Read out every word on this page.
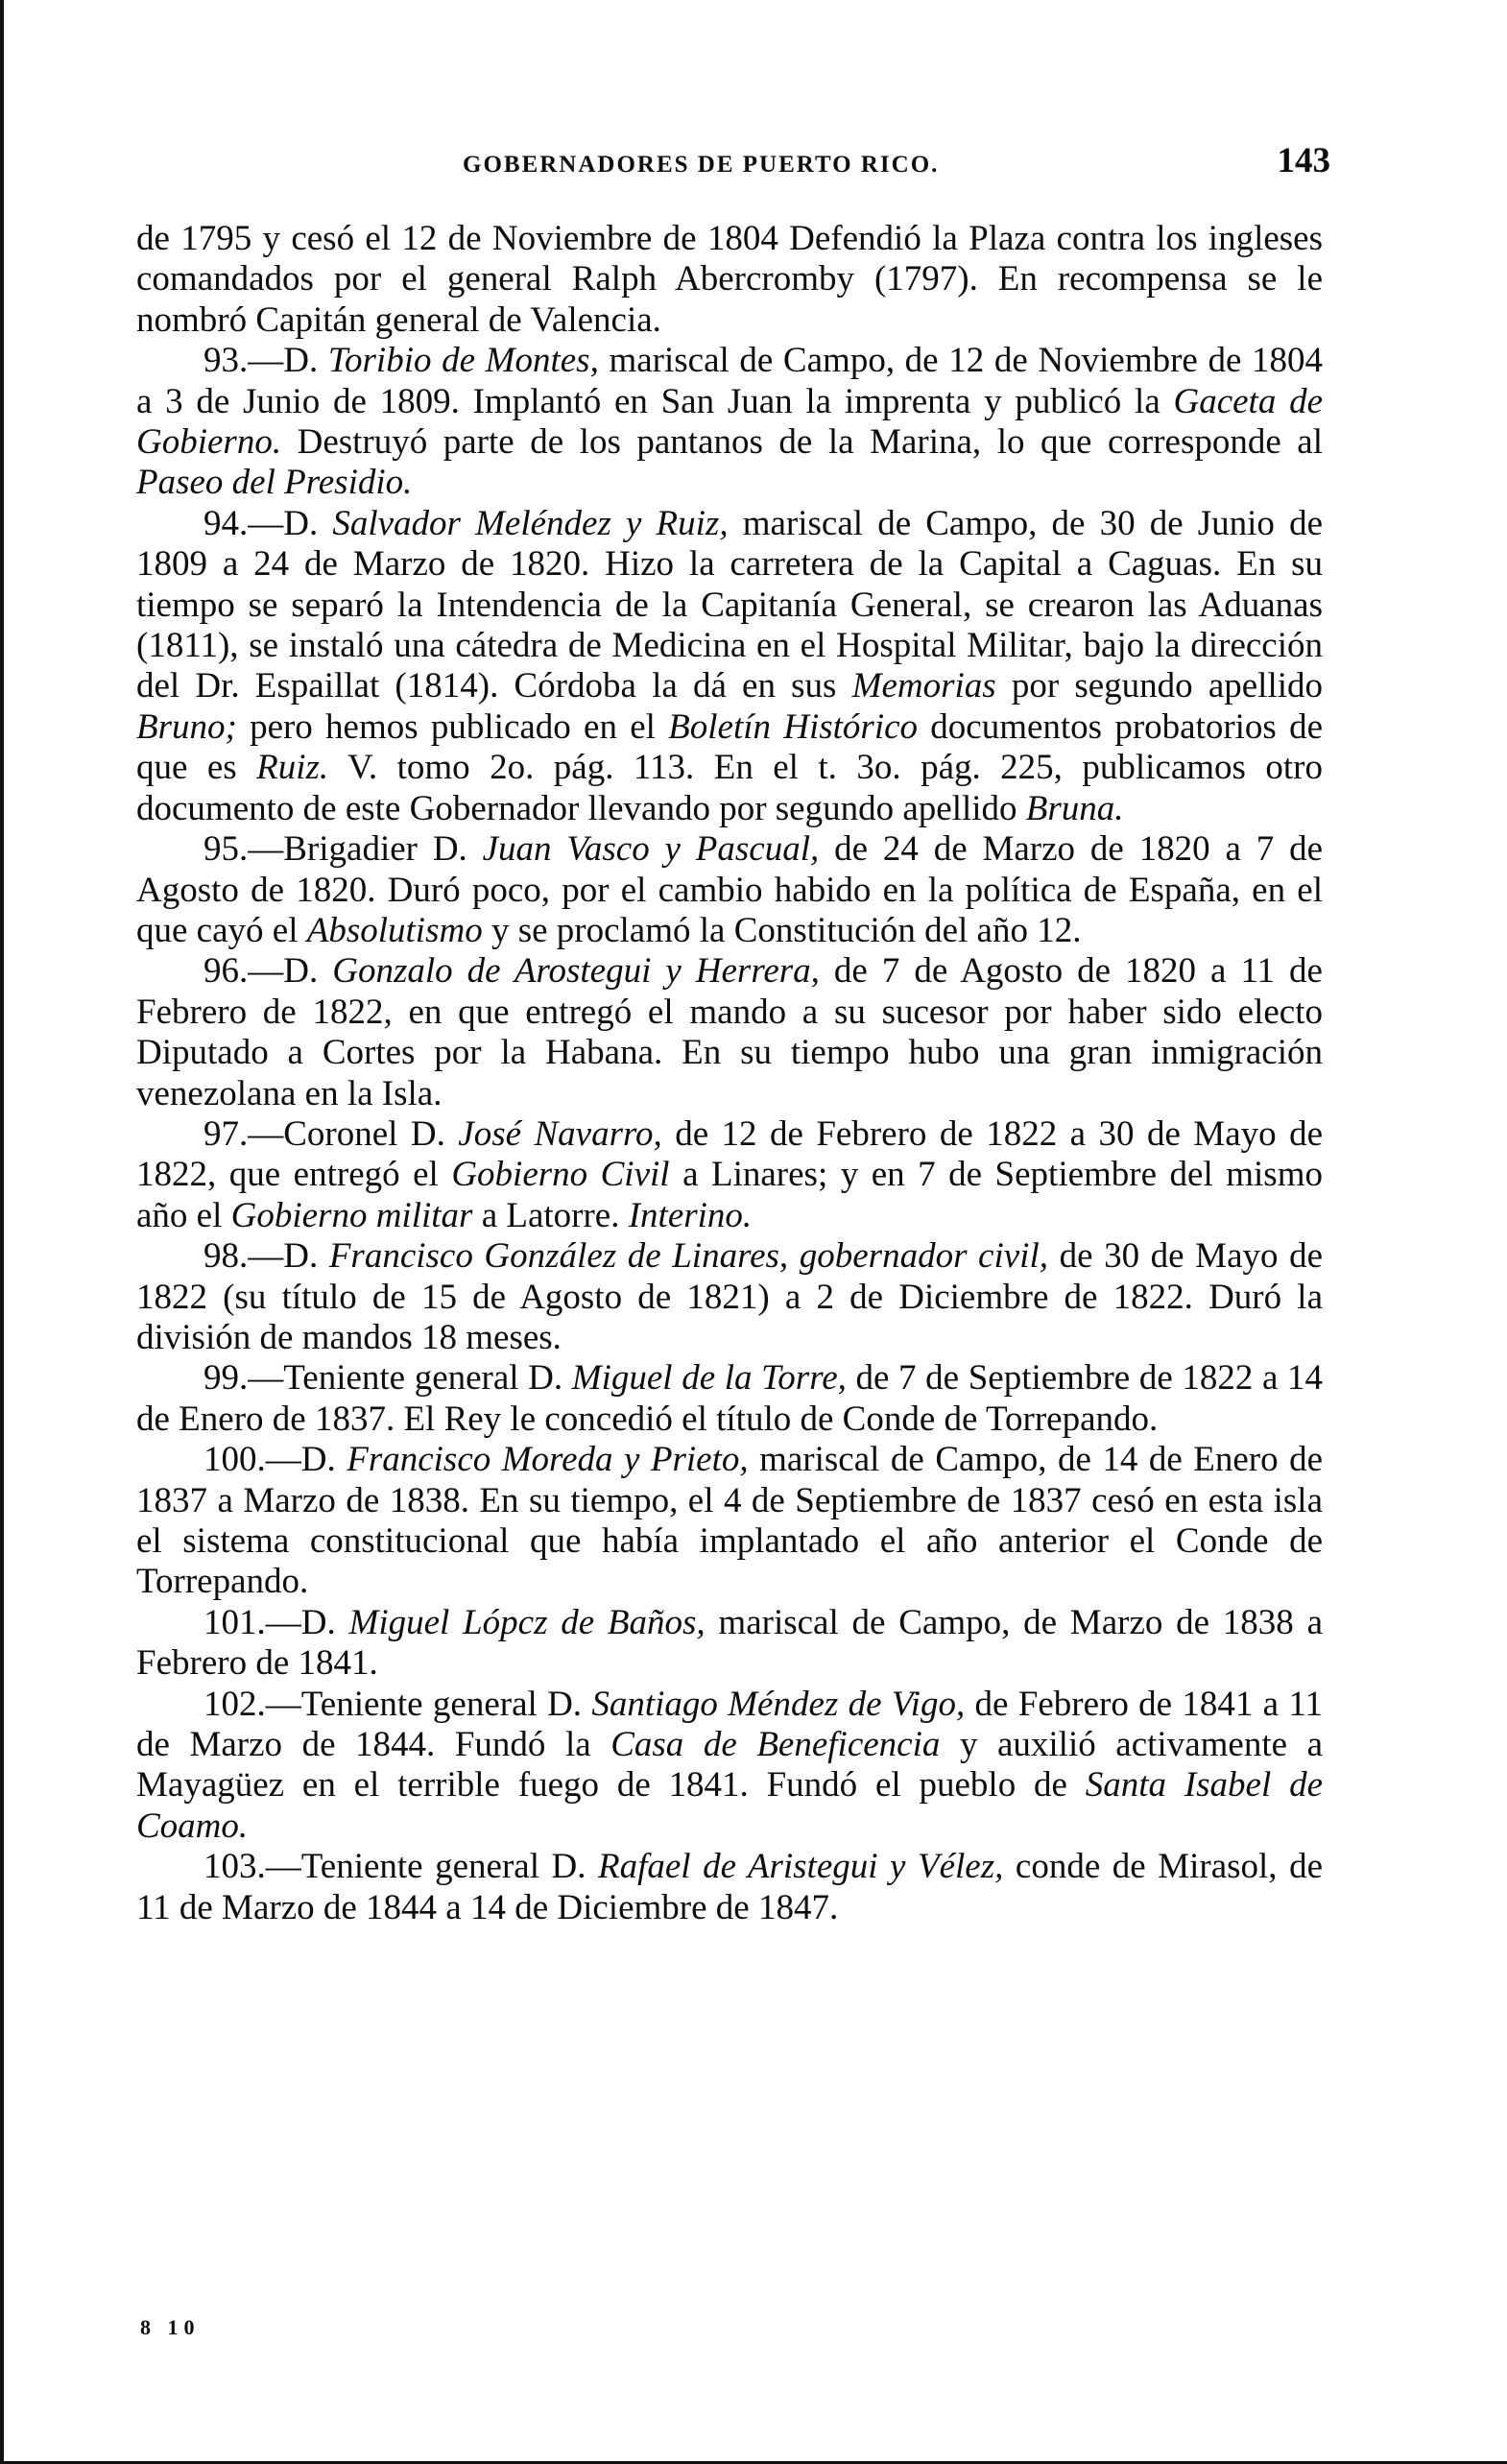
GOBERNADORES DE PUERTO RICO.	143

de 1795 y cesó el 12 de Noviembre de 1804 Defendió la Plaza contra los ingleses comandados por el general Ralph Abercromby (1797). En recompensa se le nombró Capitán general de Valencia.

93.—D. Toribio de Montes, mariscal de Campo, de 12 de Noviembre de 1804 a 3 de Junio de 1809. Implantó en San Juan la imprenta y publicó la Gaceta de Gobierno. Destruyó parte de los pantanos de la Marina, lo que corresponde al Paseo del Presidio.

94.—D. Salvador Meléndez y Ruiz, mariscal de Campo, de 30 de Junio de 1809 a 24 de Marzo de 1820. Hizo la carretera de la Capital a Caguas. En su tiempo se separó la Intendencia de la Capitanía General, se crearon las Aduanas (1811), se instaló una cátedra de Medicina en el Hospital Militar, bajo la dirección del Dr. Espaillat (1814). Córdoba la dá en sus Memorias por segundo apellido Bruno; pero hemos publicado en el Boletín Histórico documentos probatorios de que es Ruiz. V. tomo 2o. pág. 113. En el t. 3o. pág. 225, publicamos otro documento de este Gobernador llevando por segundo apellido Bruna.

95.—Brigadier D. Juan Vasco y Pascual, de 24 de Marzo de 1820 a 7 de Agosto de 1820. Duró poco, por el cambio habido en la política de España, en el que cayó el Absolutismo y se proclamó la Constitución del año 12.

96.—D. Gonzalo de Arostegui y Herrera, de 7 de Agosto de 1820 a 11 de Febrero de 1822, en que entregó el mando a su sucesor por haber sido electo Diputado a Cortes por la Habana. En su tiempo hubo una gran inmigración venezolana en la Isla.

97.—Coronel D. José Navarro, de 12 de Febrero de 1822 a 30 de Mayo de 1822, que entregó el Gobierno Civil a Linares; y en 7 de Septiembre del mismo año el Gobierno militar a Latorre. Interino.

98.—D. Francisco González de Linares, gobernador civil, de 30 de Mayo de 1822 (su título de 15 de Agosto de 1821) a 2 de Diciembre de 1822. Duró la división de mandos 18 meses.

99.—Teniente general D. Miguel de la Torre, de 7 de Septiembre de 1822 a 14 de Enero de 1837. El Rey le concedió el título de Conde de Torrepando.

100.—D. Francisco Moreda y Prieto, mariscal de Campo, de 14 de Enero de 1837 a Marzo de 1838. En su tiempo, el 4 de Septiembre de 1837 cesó en esta isla el sistema constitucional que había implantado el año anterior el Conde de Torrepando.

101.—D. Miguel Lópcz de Baños, mariscal de Campo, de Marzo de 1838 a Febrero de 1841.

102.—Teniente general D. Santiago Méndez de Vigo, de Febrero de 1841 a 11 de Marzo de 1844. Fundó la Casa de Beneficencia y auxilió activamente a Mayagüez en el terrible fuego de 1841. Fundó el pueblo de Santa Isabel de Coamo.

103.—Teniente general D. Rafael de Aristegui y Vélez, conde de Mirasol, de 11 de Marzo de 1844 a 14 de Diciembre de 1847.

8 10
